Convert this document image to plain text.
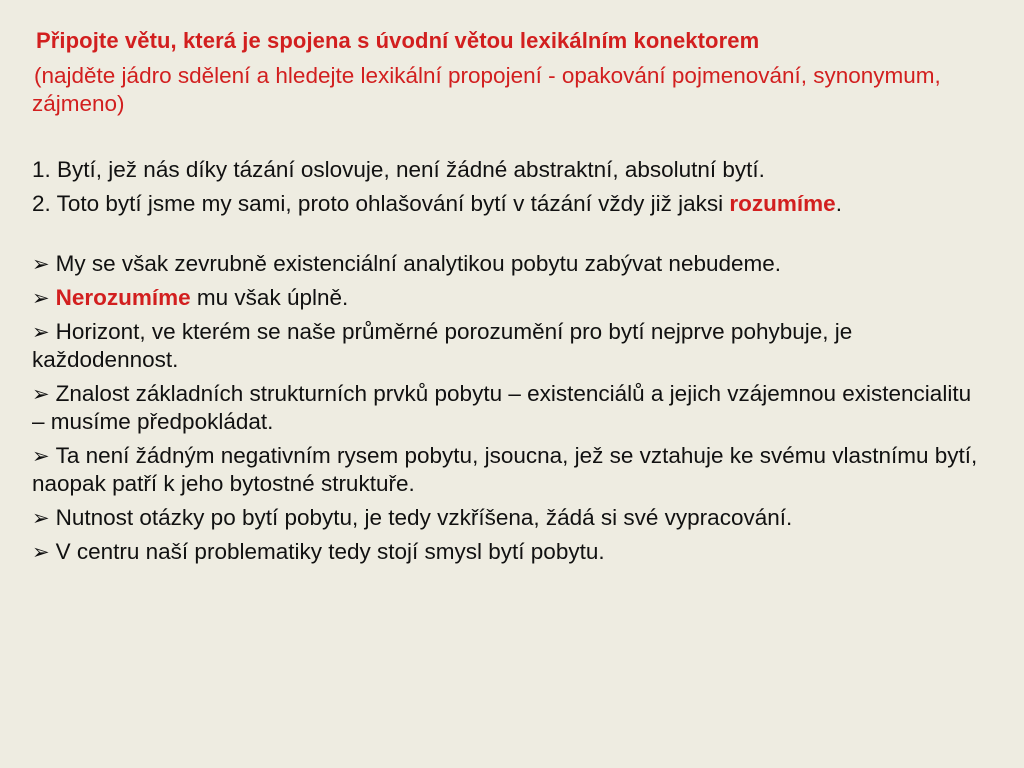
Připojte větu, která je spojena s úvodní větou lexikálním konektorem
(najděte jádro sdělení a hledejte lexikální propojení - opakování pojmenování, synonymum, zájmeno)
1. Bytí, jež nás díky tázání oslovuje, není žádné abstraktní, absolutní bytí.
2. Toto bytí jsme my sami, proto ohlašování bytí v tázání vždy již jaksi rozumíme.
➢ My se však zevrubně existenciální analytikou pobytu zabývat nebudeme.
➢ Nerozumíme mu však úplně.
➢ Horizont, ve kterém se naše průměrné porozumění pro bytí nejprve pohybuje, je každodennost.
➢ Znalost základních strukturních prvků pobytu – existenciálů a jejich vzájemnou existencialitu – musíme předpokládat.
➢ Ta není žádným negativním rysem pobytu, jsoucna, jež se vztahuje ke svému vlastnímu bytí, naopak patří k jeho bytostné struktuře.
➢ Nutnost otázky po bytí pobytu, je tedy vzkříšena, žádá si své vypracování.
➢ V centru naší problematiky tedy stojí smysl bytí pobytu.
